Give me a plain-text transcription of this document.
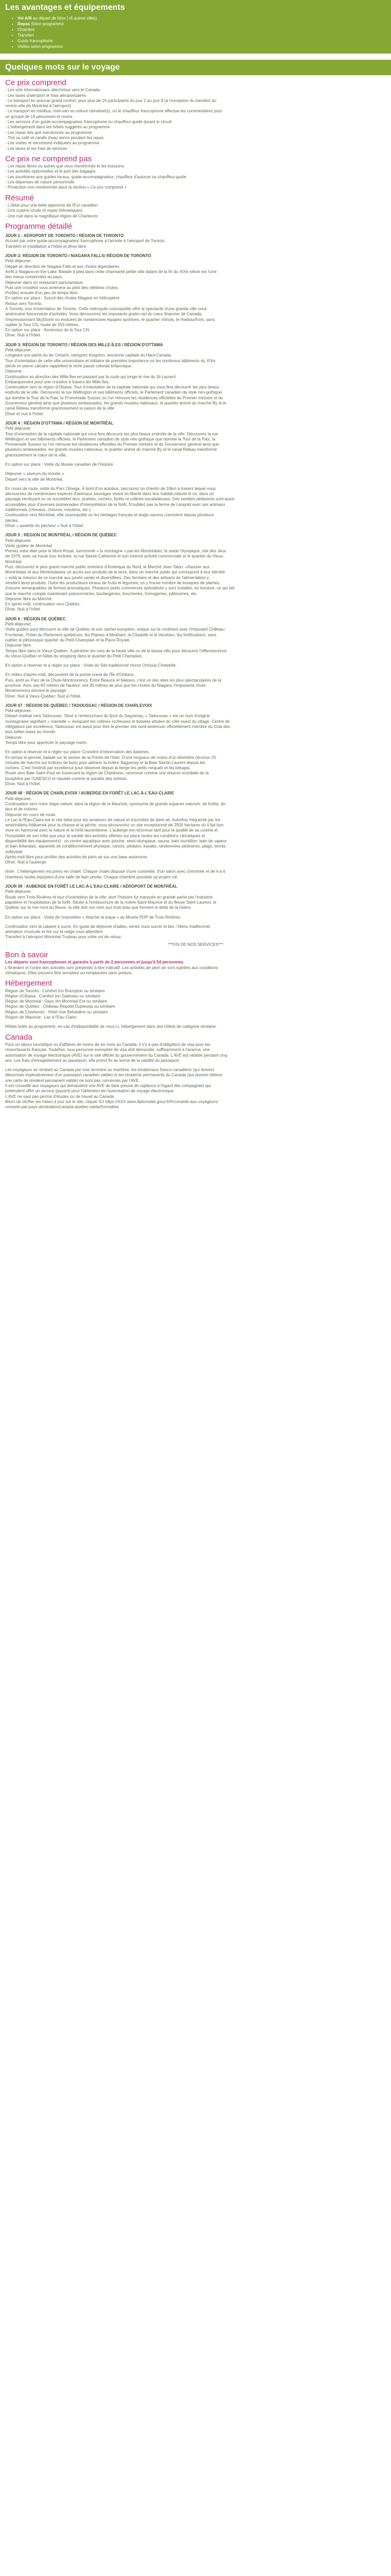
Les avantages et équipements
• Vol A/R au départ de Nice (+8 autres villes)
• Repas Selon programme
• Chambre
• Transfert
• Guide francophone
• Visites selon programme
Quelques mots sur le voyage
Ce prix comprend
- Les vols internationaux aller/retour vers le Canada
- Les taxes d'aéroport et frais aéroportuaires
- Le transport en autocar grand confort, pour plus de 19 participants du jour 2 au jour 9 (à l'exception du transfert du
centre-ville de Montréal à l'aéroport)
- Le transport en minibus, mini-van ou voiture climatisé(s), où le chauffeur francophone effectue les commentaires pour
un groupe de 19 personnes et moins
- Les services d'un guide-accompagnateur francophone ou chauffeur-guide durant le circuit
- L'hébergement dans les hôtels suggérés au programme
- Les repas tels que mentionnés au programme
- Thé ou café et carafe d'eau servis pendant les repas
- Les visites et excursions indiquées au programme
- Les taxes et les frais de services
Ce prix ne comprend pas
- Les repas libres ou autres que ceux mentionnés et les boissons
- Les activités optionnelles et le port des bagages
- Les pourboires aux guides locaux, guide-accompagnateur, chauffeur d'autocar ou chauffeur-guide
- Les dépenses de nature personnelle
- Protection non-mentionnée dans la section « Ce prix comprend »
Résumé
- L'idéal pour une belle approche de l'Est canadien
- Une cuisine locale (4 repas thématiques)
- Une nuit dans la magnifique région de Charlevoix
Programme détaillé
JOUR 1 : AEROPORT DE TORONTO / RÉGION DE TORONTO
Accueil par votre guide-accompagnateur francophone à l'arrivée à l'aéroport de Toronto.
Transfert et installation à l'hôtel et dîner libre.
JOUR 2: RÉGION DE TORONTO / NIAGARA FALLS/ RÉGION DE TORONTO
Petit-déjeuner.
Départ en direction de Niagara Falls et ses chutes légendaires.
Arrêt à Niagara-on-the-Lake. Balade à pied dans cette charmante petite ville datant de la fin du XIXe siècle est l'une
des mieux conservées au pays.
Déjeuner dans un restaurant panoramique.
Puis une croisière vous amènera au pied des célèbres chutes.
Profitez ensuite d'un peu de temps libre.
En option sur place : Survol des chutes Niagara en hélicoptère.
Retour vers Toronto.
À Toronto, tour d'orientation de Toronto. Cette métropole cosmopolite offre le spectacle d'une grande ville nord-
américaine foisonnante d'activités. Vous découvrirez les imposants gratte-ciel du cœur financier de Canada,
l'impressionnant SkyDome où évoluent de nombreuses équipes sportives, le quartier chinois, le Harbourfront, sans
oublier la Tour CN, haute de 553 mètres.
En option sur place : Ascension de la Tour CN.
Dîner. Nuit à l'hôtel.
JOUR 3: RÉGION DE TORONTO / RÉGION DES MILLE-ÎLES / RÉGION D'OTTAWA
Petit-déjeuner.
Longeant une partie du lac Ontario, rejoignez Kingston, ancienne capitale du Haut-Canada.
Tour d'orientation de cette ville universitaire et militaire de première importance où les nombreux bâtiments du XIXe
siècle en pierre calcaire rappellent le riche passé colonial britannique.
Déjeuner.
Continuation en direction des Mille-Îles en passant par la route qui longe le rive du St-Laurent.
Embarquement pour une croisière à travers les Mille-Îles.
Continuation vers la région d'Ottawa. Tour d'orientation de la capitale nationale qui vous fera découvrir les plus beaux
endroits de la ville. Découvrez la rue Wellington et ses bâtiments officiels, le Parlement canadien de style néo-gothique
qui domine la Tour de la Paix, la Promenade Sussex où l'on retrouve les résidences officielles du Premier ministre et du
Gouverneur général ainsi que plusieurs ambassades, les grands musées nationaux, le quartier animé du marché By et le
canal Rideau transformé graciousement la saison de la ville.
Dîner et nuit à l'hôtel.
JOUR 4 : RÉGION D'OTTAWA / RÉGION DE MONTRÉAL
Petit déjeuner.
Tour d'orientation de la capitale nationale qui vous fera découvrir les plus beaux endroits de la ville. Découvrez la rue
Wellington et ses bâtiments officiels, le Parlement canadien de style néo-gothique que domine la Tour de la Paix, la
Promenade Sussex où l'on retrouve les résidences officielles du Premier ministre et du Gouverneur général ainsi que
plusieurs ambassades, les grands musées nationaux, le quartier animé du marché By et le canal Rideau transformé
graciousement le cœur de la ville.
En option sur place : Visite du Musée canadien de l'histoire.
Déjeuner « saveurs du monde ».
Départ vers la ville de Montréal.
En cours de route, visite du Parc Omega. À bord d'un autobus, parcourez un chemin de 10km à travers lequel vous
découvrirez de nombreuses espèces d'animaux sauvages vivant en liberté dans leur habitat naturel et ce, dans un
paysage verdoyant ou se succèdent lacs, prairies, rochers, forêts et collines escaladeuses. Des sentiers pédestres sont aussi
accessibles pour d'averses promenades d'interprétation de la forêt. N'oubliez pas la ferme de Léopold avec ses animaux
traditionnels (chevaux, chèvres, moutons, etc.).
Continuation vers Montréal, ville cosmopolite où les héritages français et anglo-saxons coexistent depuis plusieurs
siècles.
Dîner « assiette du pêcheur » Nuit à l'hôtel.
JOUR 5 : RÉGION DE MONTRÉAL / RÉGION DE QUÉBEC
Petit-déjeuner.
Visite guidée de Montréal.
Prenez votre élan pour le Mont-Royal, surnommé « la montagne » par les Montréalais, le stade Olympique, site des Jeux
de 1976, avec sa haute tour inclinée, la rue Sainte-Catherine et son intense activité commerciale et le quartier du Vieux-
Montréal.
Puis, découvrez le plus grand marché public extérieur d'Amérique du Nord, le Marché Jean-Talon. «Assurer aux
Montréalais et aux Montréalaises un accès aux produits de la terre, dans un marché public qui correspond à leur identité
» voilà la mission de ce marché aux pavés variés et diversifiées. Des fermiers et des artisans de l'alimentation y
vendent leurs produits. Outre les producteurs locaux de fruits et légumes, on y trouve nombre de kiosques de plantes,
d'œuvre remarquables de fermes aromatiques. Plusieurs petits commerces spécialisés y sont installés, en bordure, ce qui fait
que le marché compte maintenant poissonneries, boulangeries, boucheries, fromageries, pâtisseries, etc.
Déjeuner libre au Marché.
En après-midi, continuation vers Québec.
Dîner. Nuit à l'hôtel.
JOUR 6 : RÉGION DE QUÉBEC
Petit-déjeuner.
Visite guidée pour découvrir la ville de Québec et son cachet européen, unique sur le continent avec l'imposant Château
Frontenac, l'hôtel du Parlement québécois, les Plaines d'Abraham, la Citadelle et le Vandoeu, les fortifications, sans
oublier le pittoresque quartier du Petit-Champlain et la Place Royale.
Déjeuner libre.
Temps libre dans le Vieux-Québec. A pénétrer les rues de la haute ville ou de la basse ville pour découvrir l'effervescence
du Vieux-Québec et faites du shopping dans le quartier du Petit Champlain.
En option à réserver et à régler sur place : Visite du Site traditionnel Huron Onhoüa Chetek8e.
En milieu d'après-midi, découverte de la pointe ouest de l'Île d'Orléans.
Puis, arrêt au Parc de la Chute-Montmorency. Entre Beauce et falaises, c'est un des sites les plus spectaculaires de la
province. Avec ses 83 mètres de hauteur, soit 30 mètres de plus que les chutes du Niagara, l'imposante chute
Montmorency domine le paysage.
Dîner. Nuit à Vieux-Québec. Nuit à l'hôtel.
JOUR 07 : RÉGION DE QUÉBEC / TADOUSSAC / RÉGION DE CHARLEVOIX
Petit-déjeuner.
Départ matinal vers Tadoussac. Situé à l'embouchure du fjord du Saguenay, « Tadoussac » est un nom d'origine
montagnaise signifiant « mamelle », évoquant les collines rocheuses et boisées situées du côté ouest du village. Centre de
villégiature par excellence, Tadoussac est aussi pour être le premier site nord-américain officiellement membre du Club des
plus belles baies au monde.
Déjeuner.
Temps libre pour apprécier le paysage marin.
En option à réserver et à régler sur place: Croisière d'observation des baleines.
En temps le permet, balade sur le sentier de la Pointe de l'Islet. D'une longueur de moins d'un kilomètre (environ 20
minutes de marche sur trottoirs de bois) pour admirer la rivière Saguenay et la Baie Sainte-Laurent depuis les
rochers. C'est l'endroit par excellence pour observer depuis la berge les petits rorquals et les bélugas.
Route vers Baie-Saint-Paul en traversant la région de Charlevoix, reconnue comme une réserve mondiale de la
biosphère par l'UNESCO et réputée comme le paradis des artistes.
Dîner. Nuit à l'hôtel.
JOUR 08 : RÉGION DE CHARLEVOIX / AUBERGE EN FORÊT LE LAC-À-L'EAU-CLAIRE
Petit-déjeuner.
Continuation vers notre étape nature, dans la région de la Mauricie, synonyme de grands espaces naturels, de forêts, de
lacs et de rivières.
Déjeuner en cours de route.
Le Lac-à-l'Eau-Claire est le site idéal pour les amateurs de nature et d'activités de plein air. Autrefois fréquenté par les
amérindiens Attikamek pour la chasse et la pêche, vous découvrirez un site exceptionnel de 2500 hectares où il fait bon
vivre en harmonie avec la nature et la forêt laurentienne. L'auberge est reconnue tant pour la qualité de sa cuisine et
l'hospitalité de son hôte que pour la variété des activités offertes sur place toutes les conditions climatiques et
disponibilité des équipements) : un centre aquatique avec piscine, semi-olympique, sauna, bain tourbillon, bain de vapeur
et bain finlandais, appareils de conditionnement physique, canots, pédalos, kayaks, randonnées pédestres, plage, tennis,
volleyball.
Après-midi libre pour profiter des activités de plein air sur une base autonome.
Dîner. Nuit à l'auberge.
Note : L'hébergement est prévu en chalet. Chaque chalet dispose d'une cuisinette, d'un salon avec cheminée et de 4 à 6
chambres toutes équipées d'une salle de bain privée. Chaque chambre possède sa propre clé.
JOUR 09 : AUBERGE EN FORÊT LE LAC-À-L'EAU-CLAIRE / AÉROPORT DE MONTRÉAL
Petit-déjeuner.
Route vers Trois-Rivières et tour d'orientation de la ville, dont l'histoire fut marquée en grande partie par l'industrie
papetière et l'exploitation de la forêt. Située à l'embouchure de la rivière Saint-Maurice et du fleuve Saint-Laurent, le
Québec sur la rive nord du fleuve, la ville doit son nom aux trois bras que forment le delta de la rivière.
En option sur place : Visite de l'exposition « Attache ta tuque » au Musée POP de Trois-Rivières.
Continuation vers la cabane à sucre. En guise de déjeuner d'adieu, venez vous sucrer le bec ! Menu traditionnel,
animation musicale et tire sur la neige vous attendent.
Transfert à l'aéroport Montréal-Trudeau pour votre vol de retour.
***FIN DE NOS SERVICES***
Bon à savoir
Les départs sont francophones et garantis à partir de 2 personnes et jusqu'à 54 personnes.
L'itinéraire et l'ordre des activités sont présentés à titre indicatif. Les activités de plein air sont sujettes aux conditions
climatiques. Elles peuvent être annulées ou remplacées sans préavis.
Hébergement
Région de Toronto : Comfort Inn Brampton ou similaire
Région d'Ottawa : Comfort Inn Gatineau ou similaire
Région de Montréal : Days Inn Montréal Est ou similaire
Région de Québec : Château Repotel Duplessis ou similaire
Région de Charlevoix : Hôtel Vue Belvédère ou similaire
Région de Mauricie : Lac à l'Eau Claire
Hôtels listés au programme, en cas d'indisponibilité de ceux-ci, hébergement dans des hôtels de catégorie similaire.
Canada
Pour un séjour touristique ou d'affaires de moins de six mois au Canada, il n'y a pas d'obligation de visa pour les
ressortissants français. Toutefois, tous personne exemptée de visa doit demander, suffisamment à l'avance, une
autorisation de voyage électronique (AVE) sur le site officiel du gouvernement du Canada. L'AVE est valable pendant cinq
ans. Les frais d'enregistrement au passeport, elle prend fin au terme de la validité du passeport.
Les voyageurs se rendant au Canada par voie terrestre ou maritime, les binationaux franco-canadiens (qui doivent
désormais impérativement d'un passeport canadien valide) et les résidents permanents du Canada (qui doivent détenir
une carte de résident permanent valide) ne sont pas concernés par l'AVE.
Il est conseillé aux voyageurs qui demandent une AVE de faire preuve de vigilance à l'égard des compagnies qui
prétendent offrir un service (payant) pour l'obtention de l'autorisation de voyage électronique.
L'AVE ne vaut pas permis d'études ou de travail au Canada.
Merci de vérifier les mises à jour sur le site, cliquer ICI https://XXX.www.diplomatie.gouv.fr/fr/conseils-aux-voyageurs/
conseils-par-pays-destination/canada-quebec-sante/formalites
